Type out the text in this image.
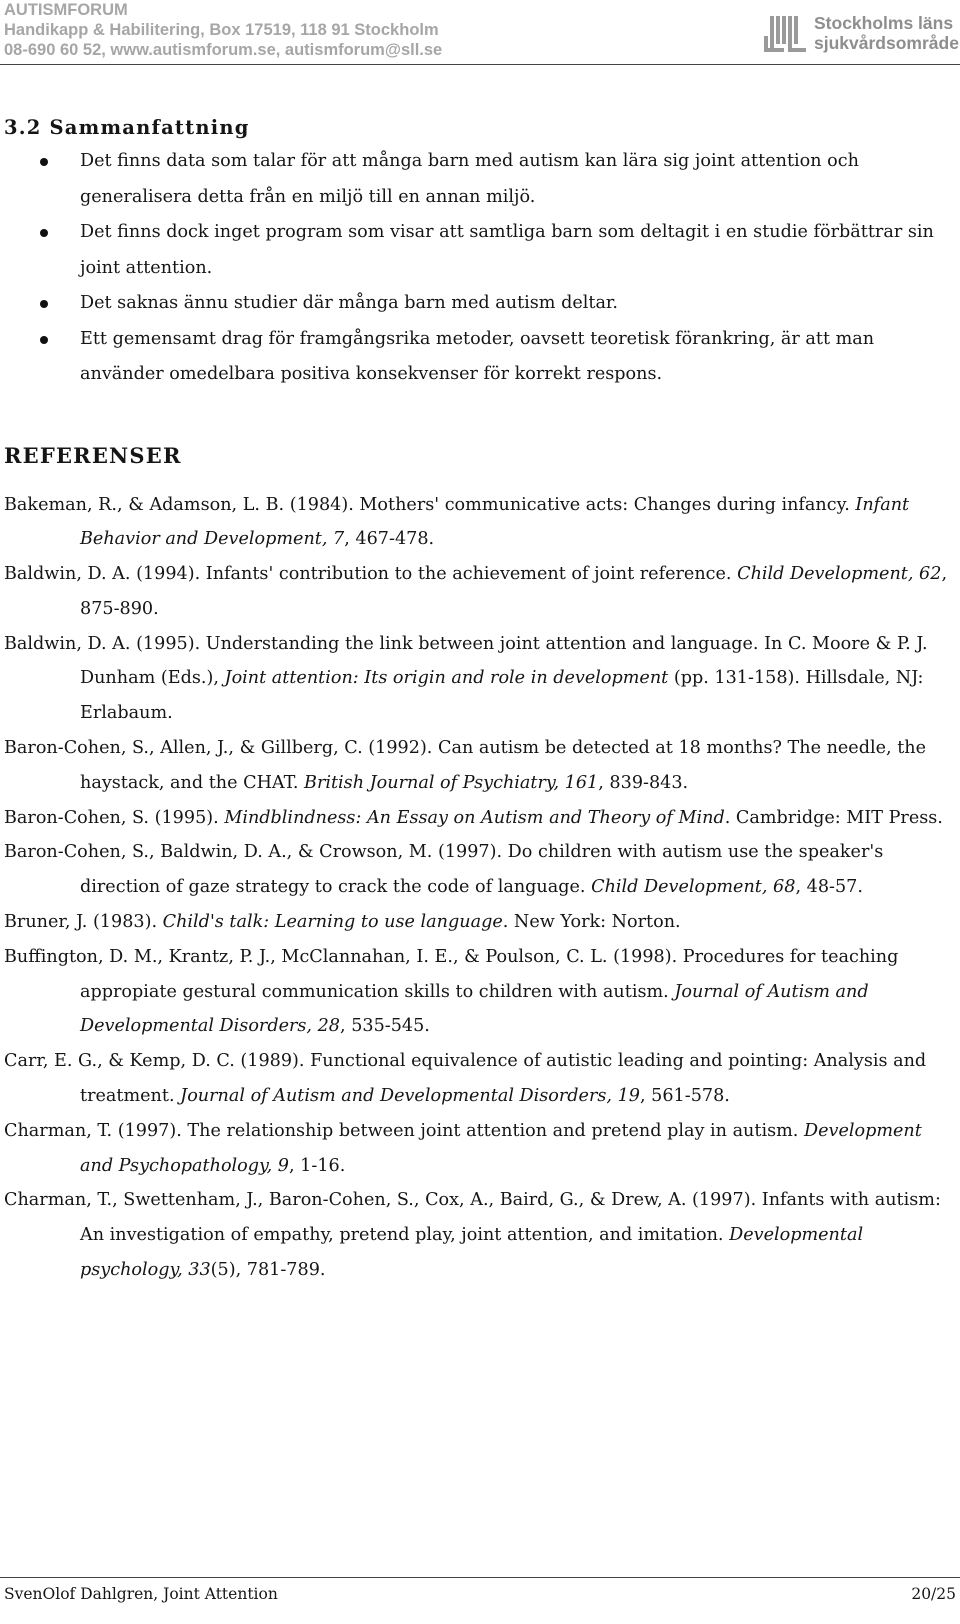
AUTISMFORUM
Handikapp & Habilitering, Box 17519, 118 91 Stockholm
08-690 60 52, www.autismforum.se, autismforum@sll.se
Stockholms läns
sjukvårdsområde
3.2 Sammanfattning
Det finns data som talar för att många barn med autism kan lära sig joint attention och generalisera detta från en miljö till en annan miljö.
Det finns dock inget program som visar att samtliga barn som deltagit i en studie förbättrar sin joint attention.
Det saknas ännu studier där många barn med autism deltar.
Ett gemensamt drag för framgångsrika metoder, oavsett teoretisk förankring, är att man använder omedelbara positiva konsekvenser för korrekt respons.
REFERENSER
Bakeman, R., & Adamson, L. B. (1984). Mothers' communicative acts: Changes during infancy. Infant Behavior and Development, 7, 467-478.
Baldwin, D. A. (1994). Infants' contribution to the achievement of joint reference. Child Development, 62, 875-890.
Baldwin, D. A. (1995). Understanding the link between joint attention and language. In C. Moore & P. J. Dunham (Eds.), Joint attention: Its origin and role in development (pp. 131-158). Hillsdale, NJ: Erlabaum.
Baron-Cohen, S., Allen, J., & Gillberg, C. (1992). Can autism be detected at 18 months? The needle, the haystack, and the CHAT. British Journal of Psychiatry, 161, 839-843.
Baron-Cohen, S. (1995). Mindblindness: An Essay on Autism and Theory of Mind. Cambridge: MIT Press.
Baron-Cohen, S., Baldwin, D. A., & Crowson, M. (1997). Do children with autism use the speaker's direction of gaze strategy to crack the code of language. Child Development, 68, 48-57.
Bruner, J. (1983). Child's talk: Learning to use language. New York: Norton.
Buffington, D. M., Krantz, P. J., McClannahan, I. E., & Poulson, C. L. (1998). Procedures for teaching appropiate gestural communication skills to children with autism. Journal of Autism and Developmental Disorders, 28, 535-545.
Carr, E. G., & Kemp, D. C. (1989). Functional equivalence of autistic leading and pointing: Analysis and treatment. Journal of Autism and Developmental Disorders, 19, 561-578.
Charman, T. (1997). The relationship between joint attention and pretend play in autism. Development and Psychopathology, 9, 1-16.
Charman, T., Swettenham, J., Baron-Cohen, S., Cox, A., Baird, G., & Drew, A. (1997). Infants with autism: An investigation of empathy, pretend play, joint attention, and imitation. Developmental psychology, 33(5), 781-789.
SvenOlof Dahlgren, Joint Attention	20/25
